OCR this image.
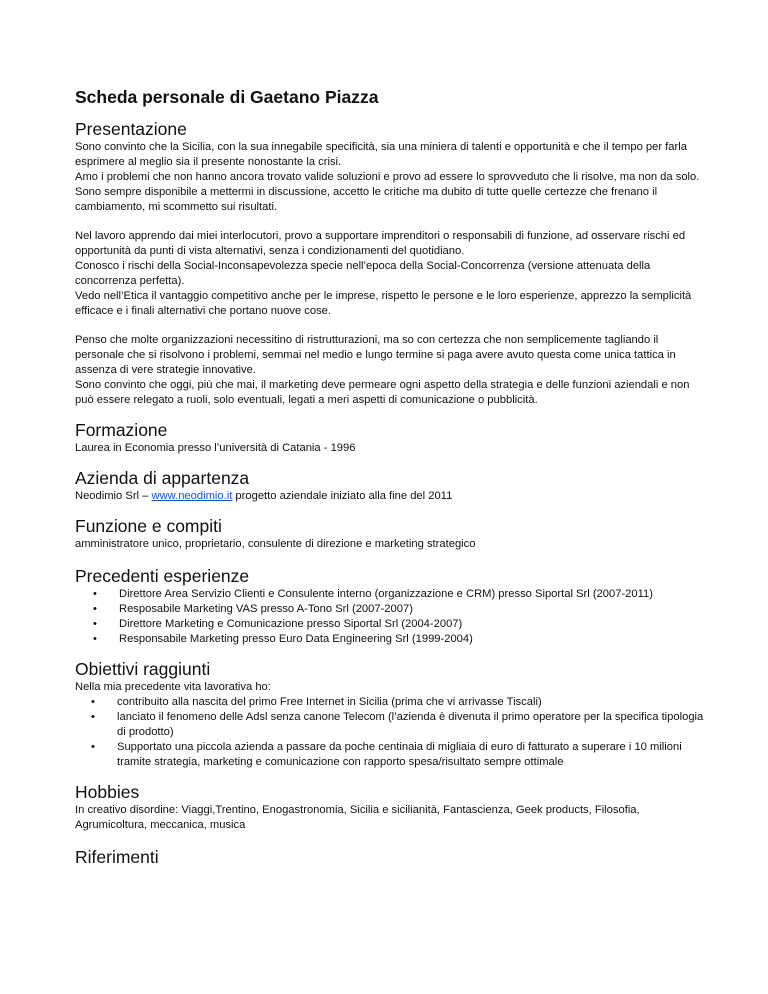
Scheda personale di Gaetano Piazza
Presentazione

Sono convinto che la Sicilia, con la sua innegabile specificità, sia una miniera di talenti e opportunità e che il tempo per farla esprimere al meglio sia il presente nonostante la crisi.

Amo i problemi che non hanno ancora trovato valide soluzioni e provo ad essere lo sprovveduto che li risolve, ma non da solo.

Sono sempre disponibile a mettermi in discussione, accetto le critiche ma dubito di tutte quelle certezze che frenano il cambiamento, mi scommetto sui risultati.

Nel lavoro apprendo dai miei interlocutori, provo a supportare imprenditori o responsabili di funzione, ad osservare rischi ed opportunità da punti di vista alternativi, senza i condizionamenti del quotidiano.

Conosco i rischi della Social-Inconsapevolezza specie nell’epoca della Social-Concorrenza (versione attenuata della concorrenza perfetta).

Vedo nell’Etica il vantaggio competitivo anche per le imprese, rispetto le persone e le loro esperienze, apprezzo la semplicità efficace e i finali alternativi che portano nuove cose.

Penso che molte organizzazioni necessitino di ristrutturazioni, ma so con certezza che non semplicemente tagliando il personale che si risolvono i problemi, semmai nel medio e lungo termine si paga avere avuto questa come unica tattica in assenza di vere strategie innovative.

Sono convinto che oggi, più che mai, il marketing deve permeare ogni aspetto della strategia e delle funzioni aziendali e non può essere relegato a ruoli, solo eventuali, legati a meri aspetti di comunicazione o pubblicità.

Formazione

Laurea in Economia presso l’università di Catania - 1996

Azienda di appartenza

Neodimio Srl – www.neodimio.it progetto aziendale iniziato alla fine del 2011

Funzione e compiti

amministratore unico, proprietario, consulente di direzione e marketing strategico

Precedenti esperienze
• Direttore Area Servizio Clienti e Consulente interno (organizzazione e CRM) presso Siportal Srl (2007-2011)
• Resposabile Marketing VAS presso A-Tono Srl (2007-2007)
• Direttore Marketing e Comunicazione presso Siportal Srl (2004-2007)
• Responsabile Marketing presso Euro Data Engineering Srl (1999-2004)
Obiettivi raggiunti

Nella mia precedente vita lavorativa ho:

• contribuito alla nascita del primo Free Internet in Sicilia (prima che vi arrivasse Tiscali)
• lanciato il fenomeno delle Adsl senza canone Telecom (l’azienda è divenuta il primo operatore per la specifica tipologia di prodotto)
• Supportato una piccola azienda a passare da poche centinaia di migliaia di euro di fatturato a superare i 10 milioni tramite strategia, marketing e comunicazione con rapporto spesa/risultato sempre ottimale
Hobbies

In creativo disordine: Viaggi,Trentino, Enogastronomia, Sicilia e sicilianità, Fantascienza, Geek products, Filosofia, Agrumicoltura, meccanica, musica

Riferimenti
